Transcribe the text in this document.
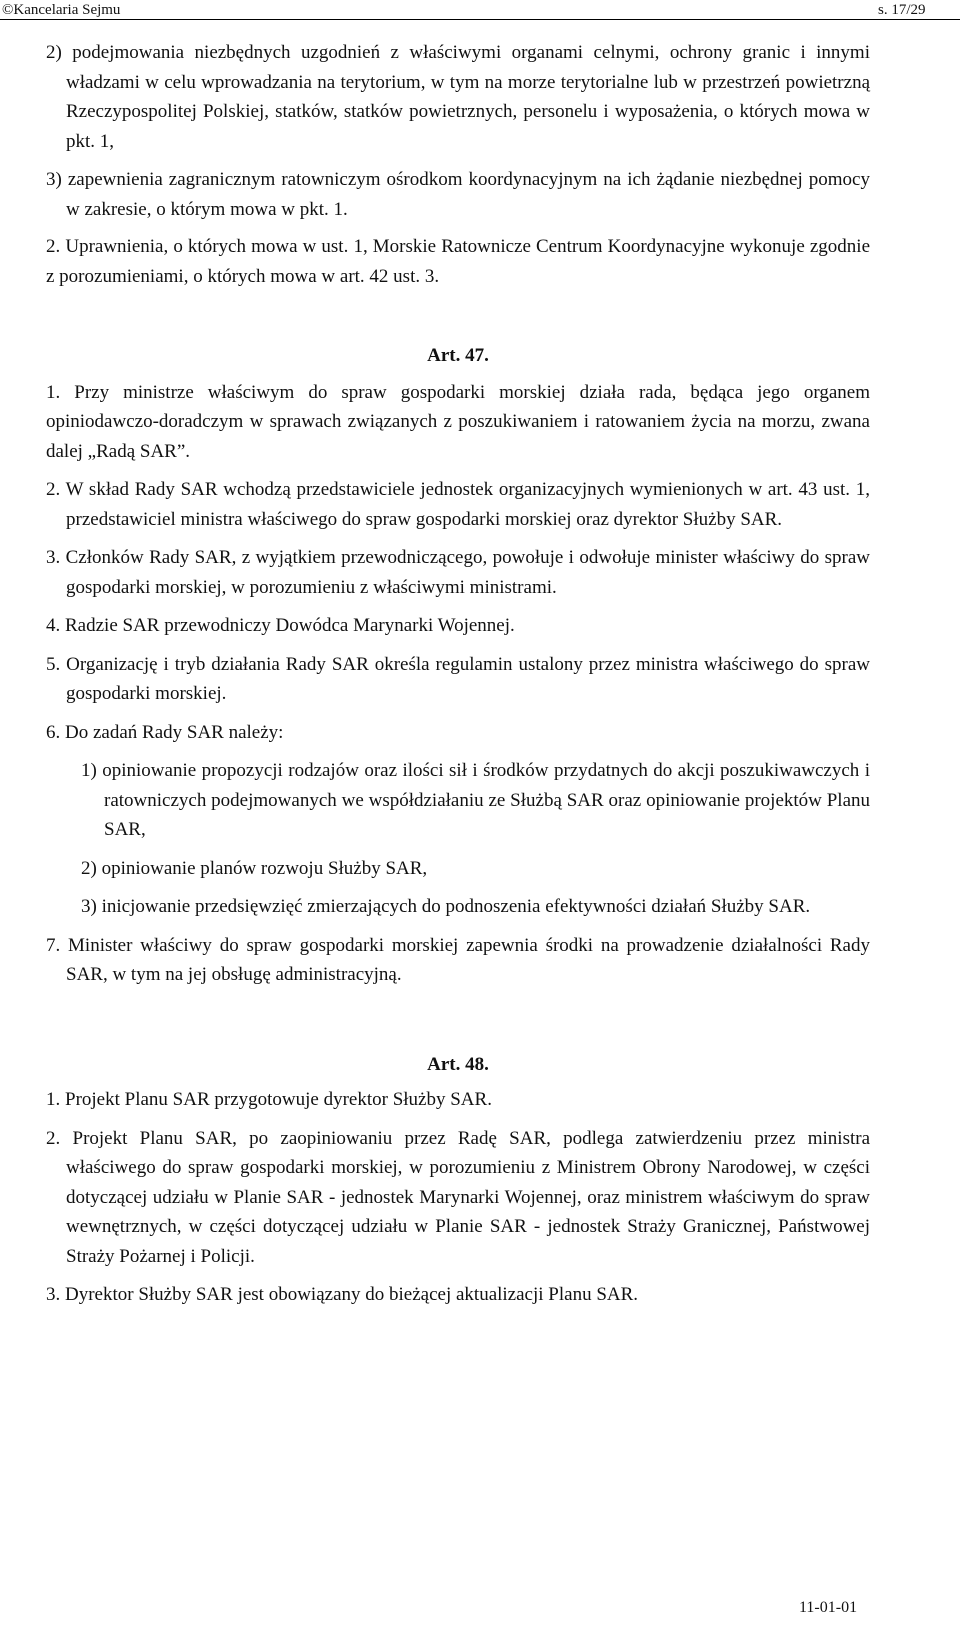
©Kancelaria Sejmu	s. 17/29

2) podejmowania niezbędnych uzgodnień z właściwymi organami celnymi, ochrony granic i innymi władzami w celu wprowadzania na terytorium, w tym na morze terytorialne lub w przestrzeń powietrzną Rzeczypospolitej Polskiej, statków, statków powietrznych, personelu i wyposażenia, o których mowa w pkt. 1,

3) zapewnienia zagranicznym ratowniczym ośrodkom koordynacyjnym na ich żądanie niezbędnej pomocy w zakresie, o którym mowa w pkt. 1.

2. Uprawnienia, o których mowa w ust. 1, Morskie Ratownicze Centrum Koordynacyjne wykonuje zgodnie z porozumieniami, o których mowa w art. 42 ust. 3.

Art. 47.

1. Przy ministrze właściwym do spraw gospodarki morskiej działa rada, będąca jego organem opiniodawczo-doradczym w sprawach związanych z poszukiwaniem i ratowaniem życia na morzu, zwana dalej „Radą SAR”.

2. W skład Rady SAR wchodzą przedstawiciele jednostek organizacyjnych wymienionych w art. 43 ust. 1, przedstawiciel ministra właściwego do spraw gospodarki morskiej oraz dyrektor Służby SAR.

3. Członków Rady SAR, z wyjątkiem przewodniczącego, powołuje i odwołuje minister właściwy do spraw gospodarki morskiej, w porozumieniu z właściwymi ministrami.

4. Radzie SAR przewodniczy Dowódca Marynarki Wojennej.

5. Organizację i tryb działania Rady SAR określa regulamin ustalony przez ministra właściwego do spraw gospodarki morskiej.

6. Do zadań Rady SAR należy:

1) opiniowanie propozycji rodzajów oraz ilości sił i środków przydatnych do akcji poszukiwawczych i ratowniczych podejmowanych we współdziałaniu ze Służbą SAR oraz opiniowanie projektów Planu SAR,

2) opiniowanie planów rozwoju Służby SAR,

3) inicjowanie przedsięwzięć zmierzających do podnoszenia efektywności działań Służby SAR.

7. Minister właściwy do spraw gospodarki morskiej zapewnia środki na prowadzenie działalności Rady SAR, w tym na jej obsługę administracyjną.

Art. 48.

1. Projekt Planu SAR przygotowuje dyrektor Służby SAR.

2. Projekt Planu SAR, po zaopiniowaniu przez Radę SAR, podlega zatwierdzeniu przez ministra właściwego do spraw gospodarki morskiej, w porozumieniu z Ministrem Obrony Narodowej, w części dotyczącej udziału w Planie SAR - jednostek Marynarki Wojennej, oraz ministrem właściwym do spraw wewnętrznych, w części dotyczącej udziału w Planie SAR - jednostek Straży Granicznej, Państwowej Straży Pożarnej i Policji.

3. Dyrektor Służby SAR jest obowiązany do bieżącej aktualizacji Planu SAR.

11-01-01
